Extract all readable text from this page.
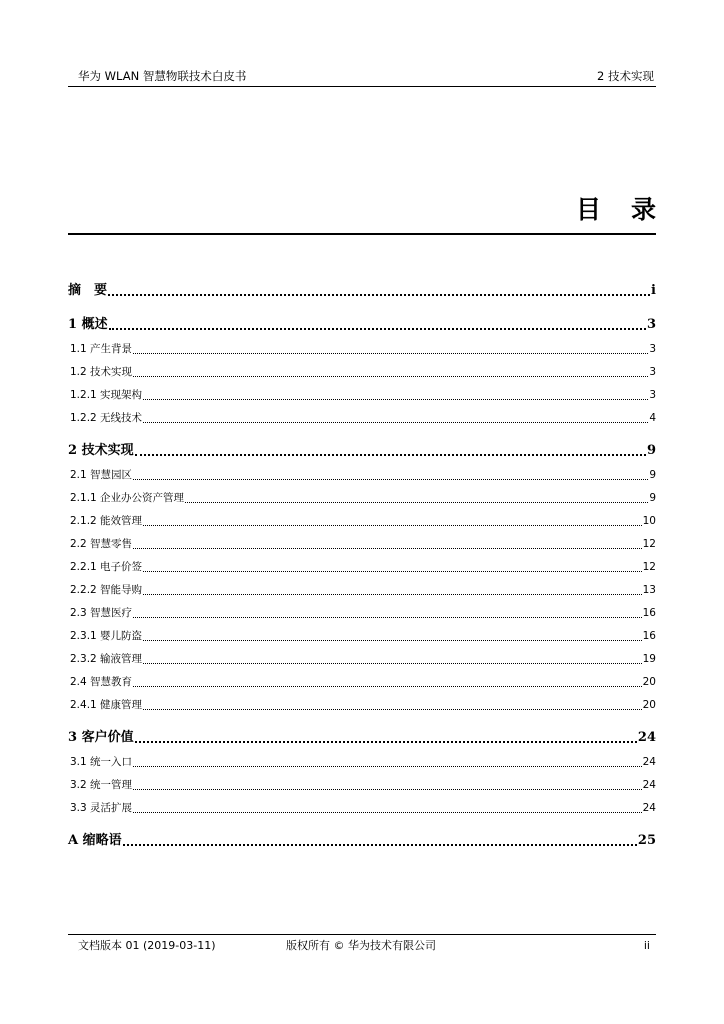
华为 WLAN 智慧物联技术白皮书	2 技术实现
目录
摘　要	i
1 概述	3
1.1 产生背景	3
1.2 技术实现	3
1.2.1 实现架构	3
1.2.2 无线技术	4
2 技术实现	9
2.1 智慧园区	9
2.1.1 企业办公资产管理	9
2.1.2 能效管理	10
2.2 智慧零售	12
2.2.1 电子价签	12
2.2.2 智能导购	13
2.3 智慧医疗	16
2.3.1 婴儿防盗	16
2.3.2 输液管理	19
2.4 智慧教育	20
2.4.1 健康管理	20
3 客户价值	24
3.1 统一入口	24
3.2 统一管理	24
3.3 灵活扩展	24
A 缩略语	25
文档版本 01 (2019-03-11)	版权所有 © 华为技术有限公司	ii
